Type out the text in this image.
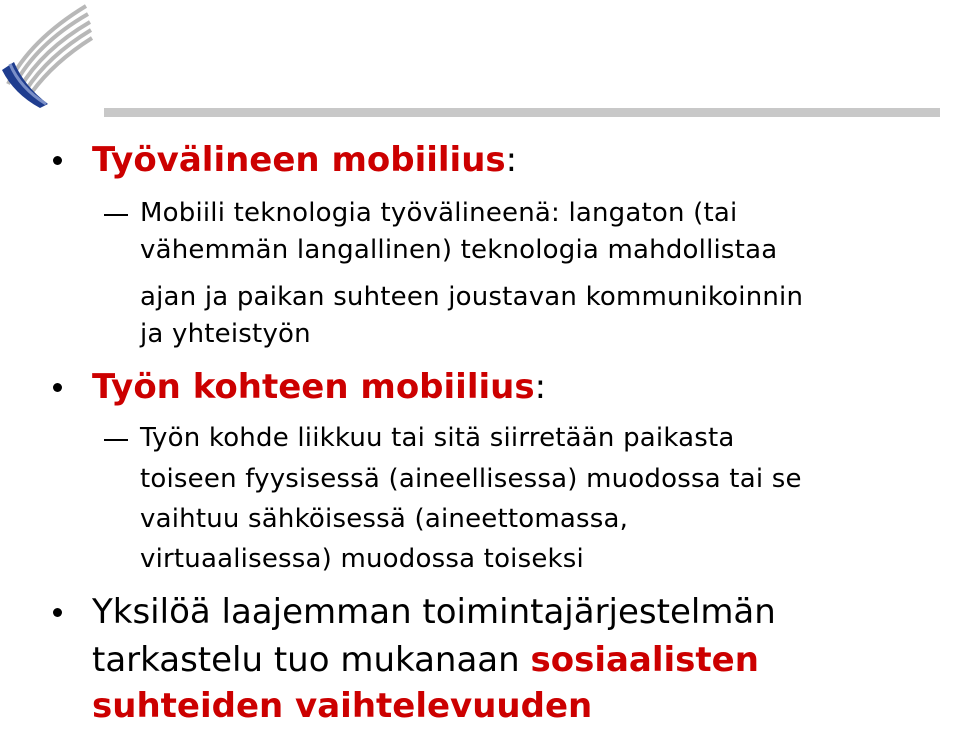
Työvälineen mobiilius:
Mobiili teknologia työvälineenä: langaton (tai
vähemmän langallinen) teknologia mahdollistaa
ajan ja paikan suhteen joustavan kommunikoinnin
ja yhteistyön
Työn kohteen mobiilius:
Työn kohde liikkuu tai sitä siirretään paikasta
toiseen fyysisessä (aineellisessa) muodossa tai se
vaihtuu sähköisessä (aineettomassa,
virtuaalisessa) muodossa toiseksi
Yksilöä laajemman toimintajärjestelmän
tarkastelu tuo mukanaan sosiaalisten
suhteiden vaihtelevuuden
